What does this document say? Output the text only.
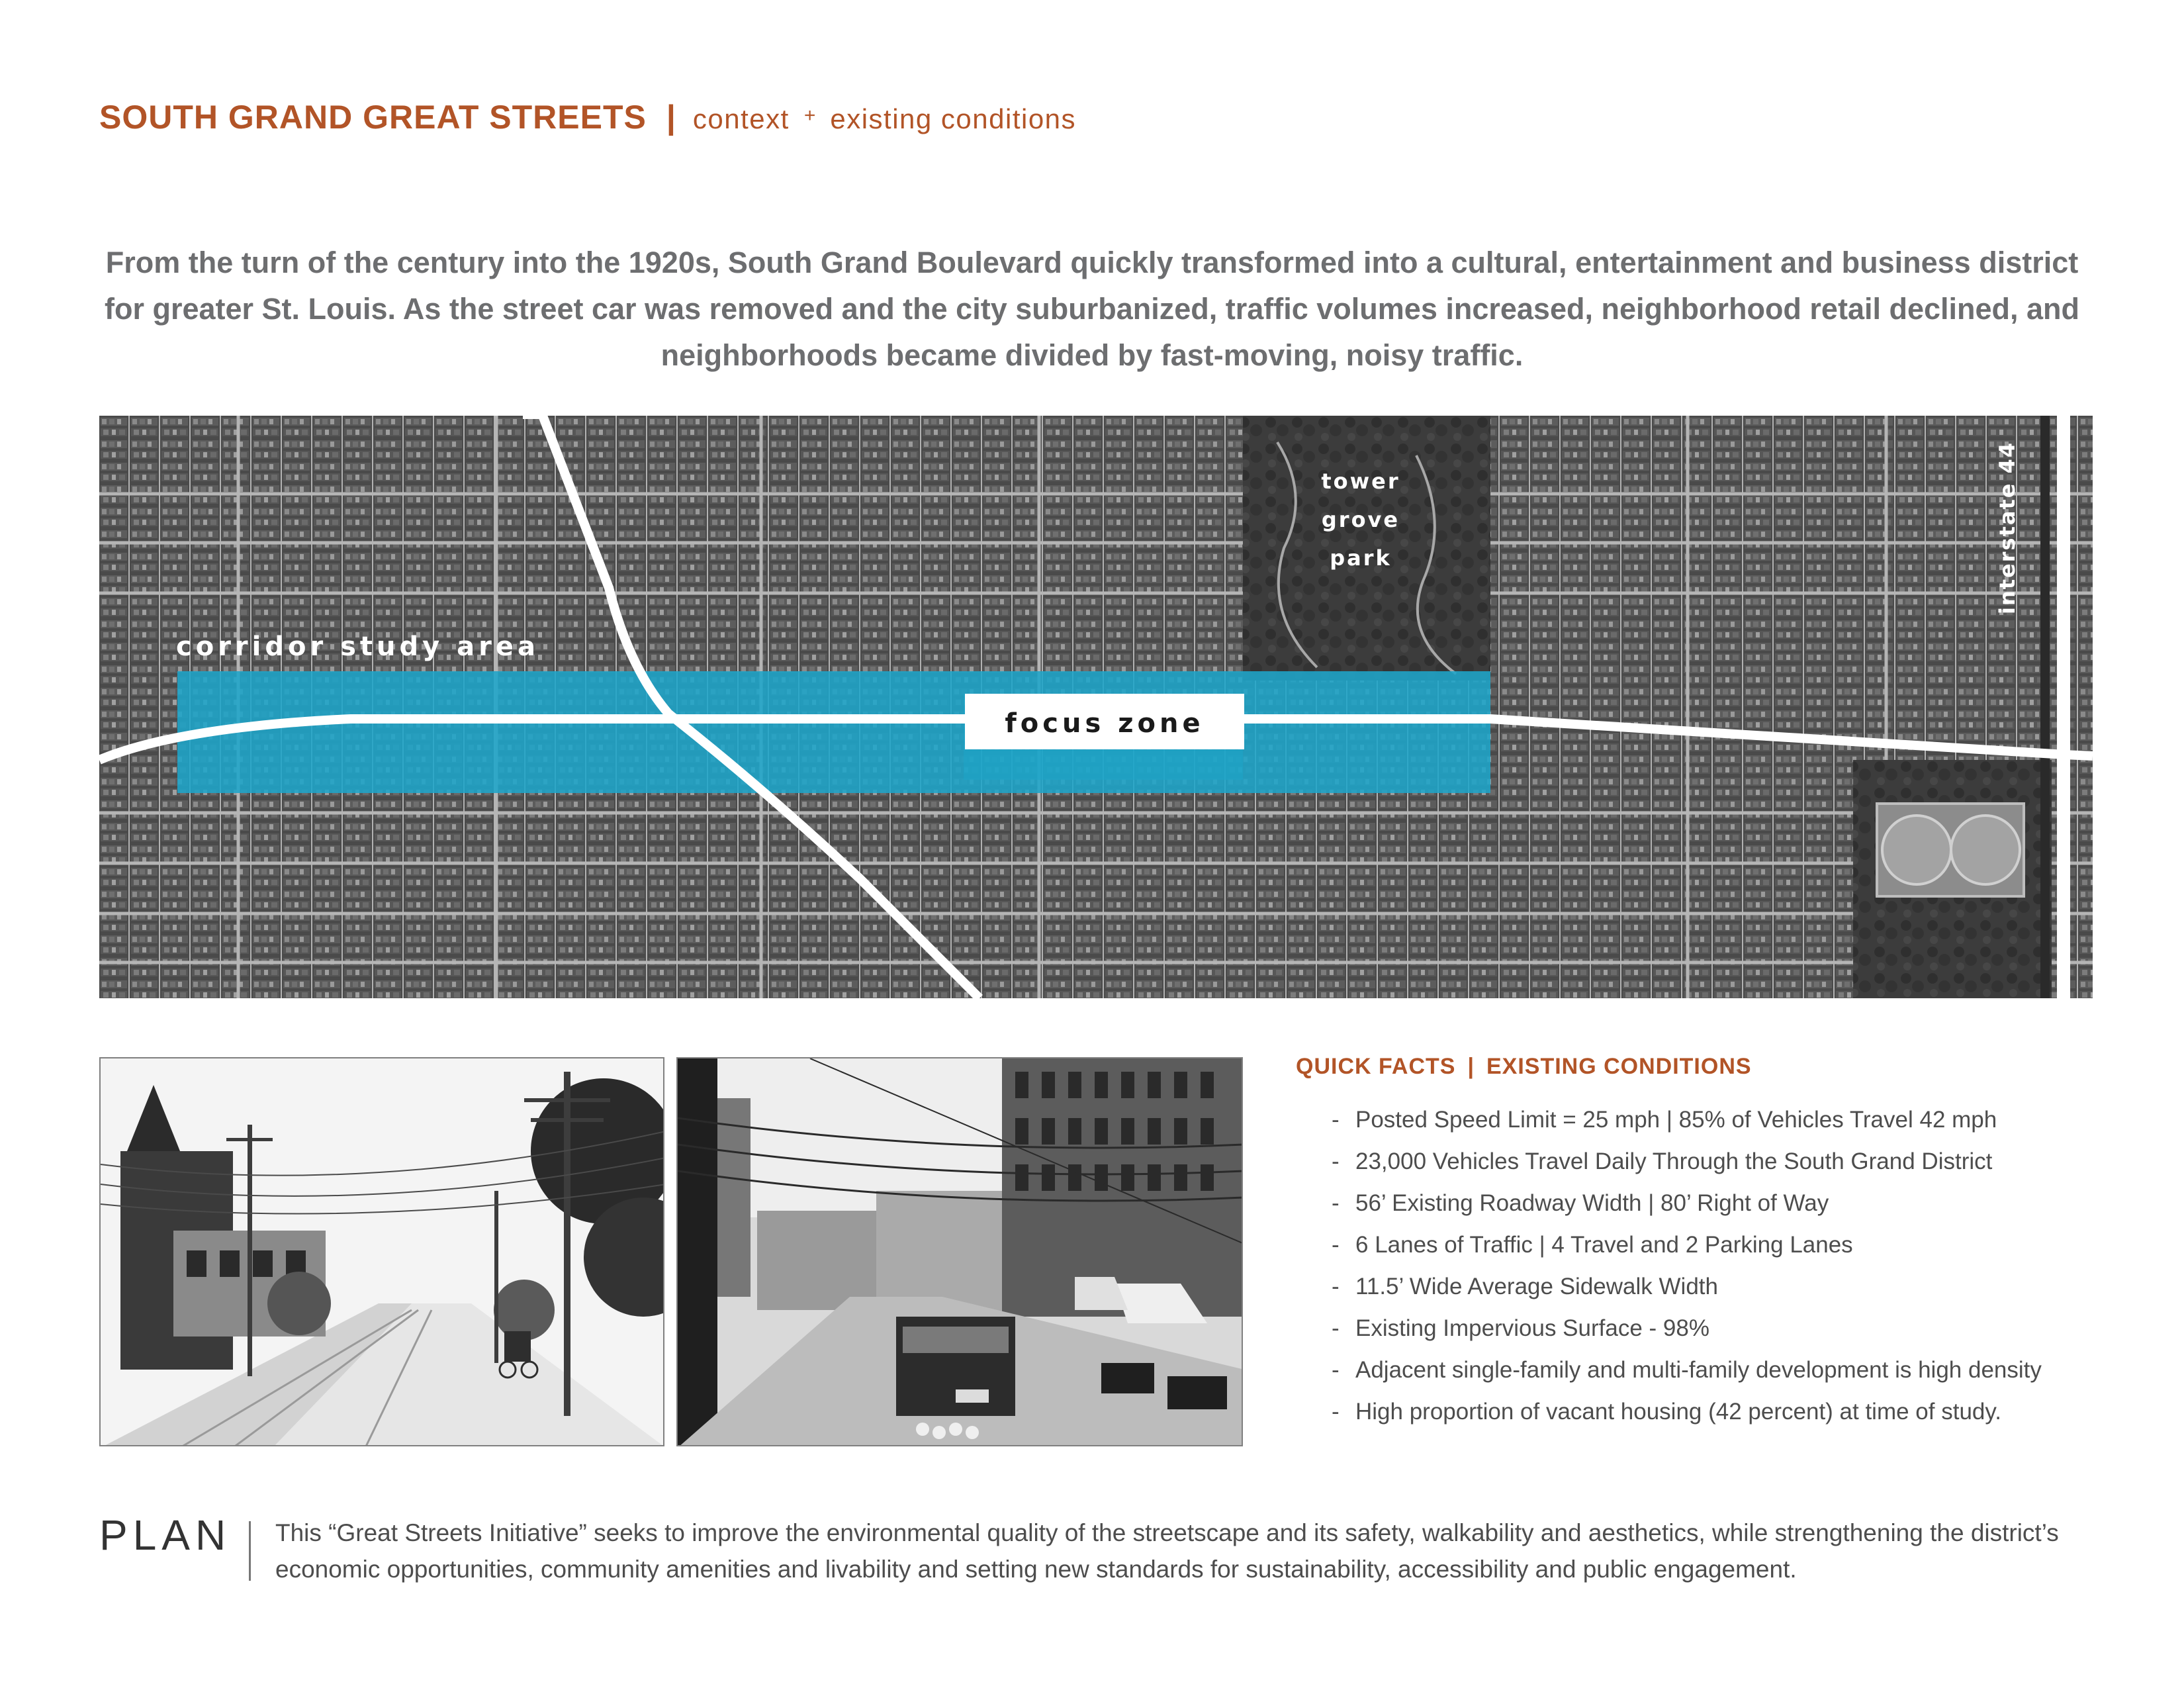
SOUTH GRAND GREAT STREETS | context + existing conditions
From the turn of the century into the 1920s, South Grand Boulevard quickly transformed into a cultural, entertainment and business district for greater St. Louis. As the street car was removed and the city suburbanized, traffic volumes increased, neighborhood retail declined, and neighborhoods became divided by fast-moving, noisy traffic.
focus zone
corridor study area
tower
grove
park	interstate 44
QUICK FACTS | EXISTING CONDITIONS
- Posted Speed Limit = 25 mph | 85% of Vehicles Travel 42 mph
- 23,000 Vehicles Travel Daily Through the South Grand District
- 56’ Existing Roadway Width | 80’ Right of Way
- 6 Lanes of Traffic | 4 Travel and 2 Parking Lanes
- 11.5’ Wide Average Sidewalk Width
- Existing Impervious Surface - 98%
- Adjacent single-family and multi-family development is high density
- High proportion of vacant housing (42 percent) at time of study.
PLAN This “Great Streets Initiative” seeks to improve the environmental quality of the streetscape and its safety, walkability and aesthetics, while strengthening the district’s economic opportunities, community amenities and livability and setting new standards for sustainability, accessibility and public engagement.
